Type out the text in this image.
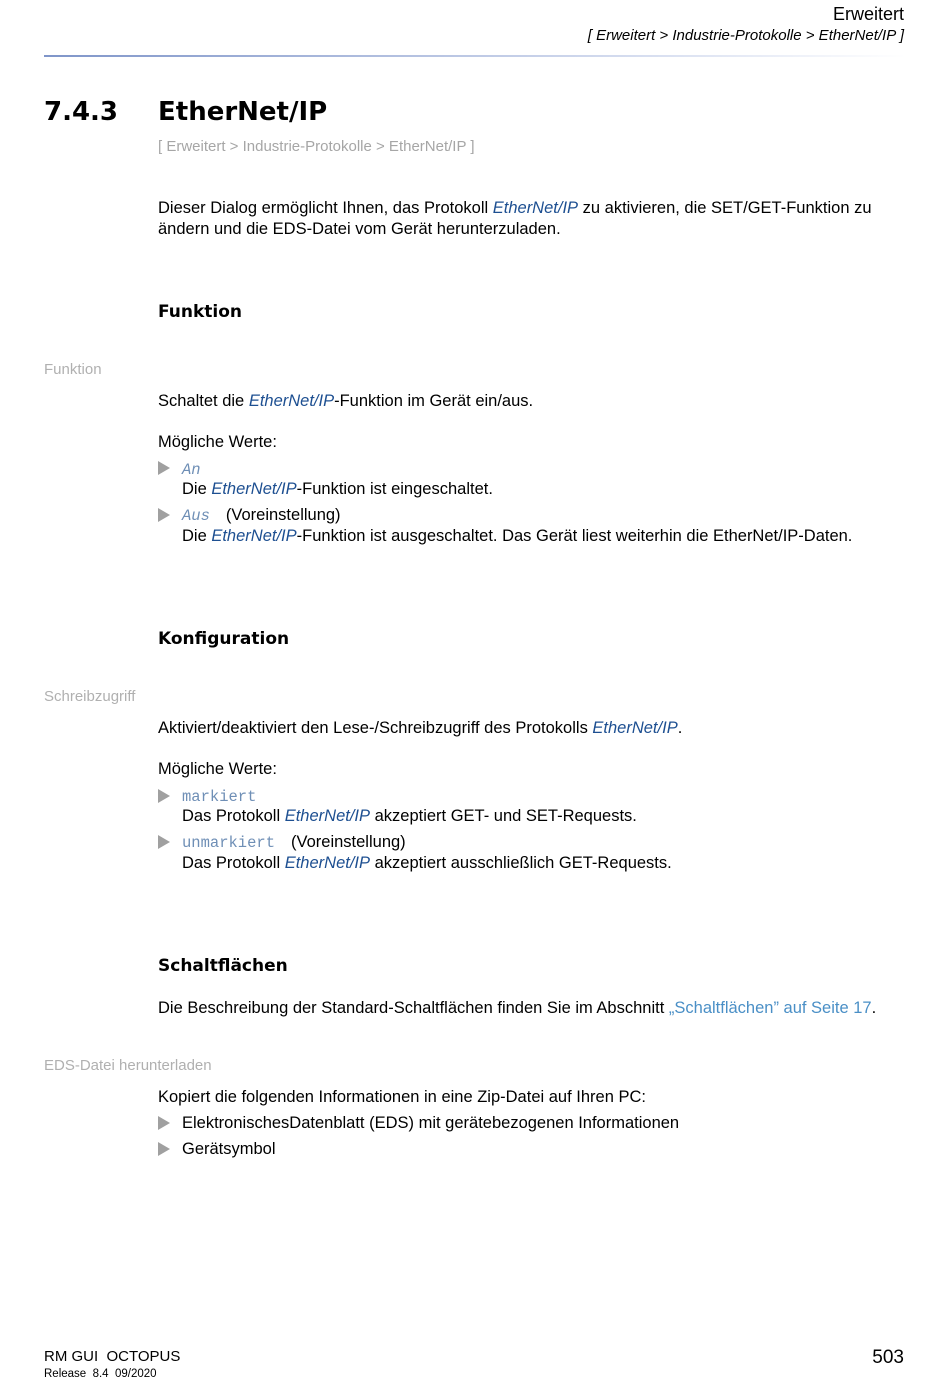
Erweitert
[ Erweitert > Industrie-Protokolle > EtherNet/IP ]
7.4.3 EtherNet/IP
[ Erweitert > Industrie-Protokolle > EtherNet/IP ]
Dieser Dialog ermöglicht Ihnen, das Protokoll EtherNet/IP zu aktivieren, die SET/GET-Funktion zu ändern und die EDS-Datei vom Gerät herunterzuladen.
Funktion
Funktion
Schaltet die EtherNet/IP-Funktion im Gerät ein/aus.
Mögliche Werte:
An
Die EtherNet/IP-Funktion ist eingeschaltet.
Aus (Voreinstellung)
Die EtherNet/IP-Funktion ist ausgeschaltet. Das Gerät liest weiterhin die EtherNet/IP-Daten.
Konfiguration
Schreibzugriff
Aktiviert/deaktiviert den Lese-/Schreibzugriff des Protokolls EtherNet/IP.
Mögliche Werte:
markiert
Das Protokoll EtherNet/IP akzeptiert GET- und SET-Requests.
unmarkiert (Voreinstellung)
Das Protokoll EtherNet/IP akzeptiert ausschließlich GET-Requests.
Schaltflächen
Die Beschreibung der Standard-Schaltflächen finden Sie im Abschnitt „Schaltflächen” auf Seite 17.
EDS-Datei herunterladen
Kopiert die folgenden Informationen in eine Zip-Datei auf Ihren PC:
ElektronischesDatenblatt (EDS) mit gerätebezogenen Informationen
Gerätsymbol
RM GUI  OCTOPUS
Release  8.4  09/2020
503
